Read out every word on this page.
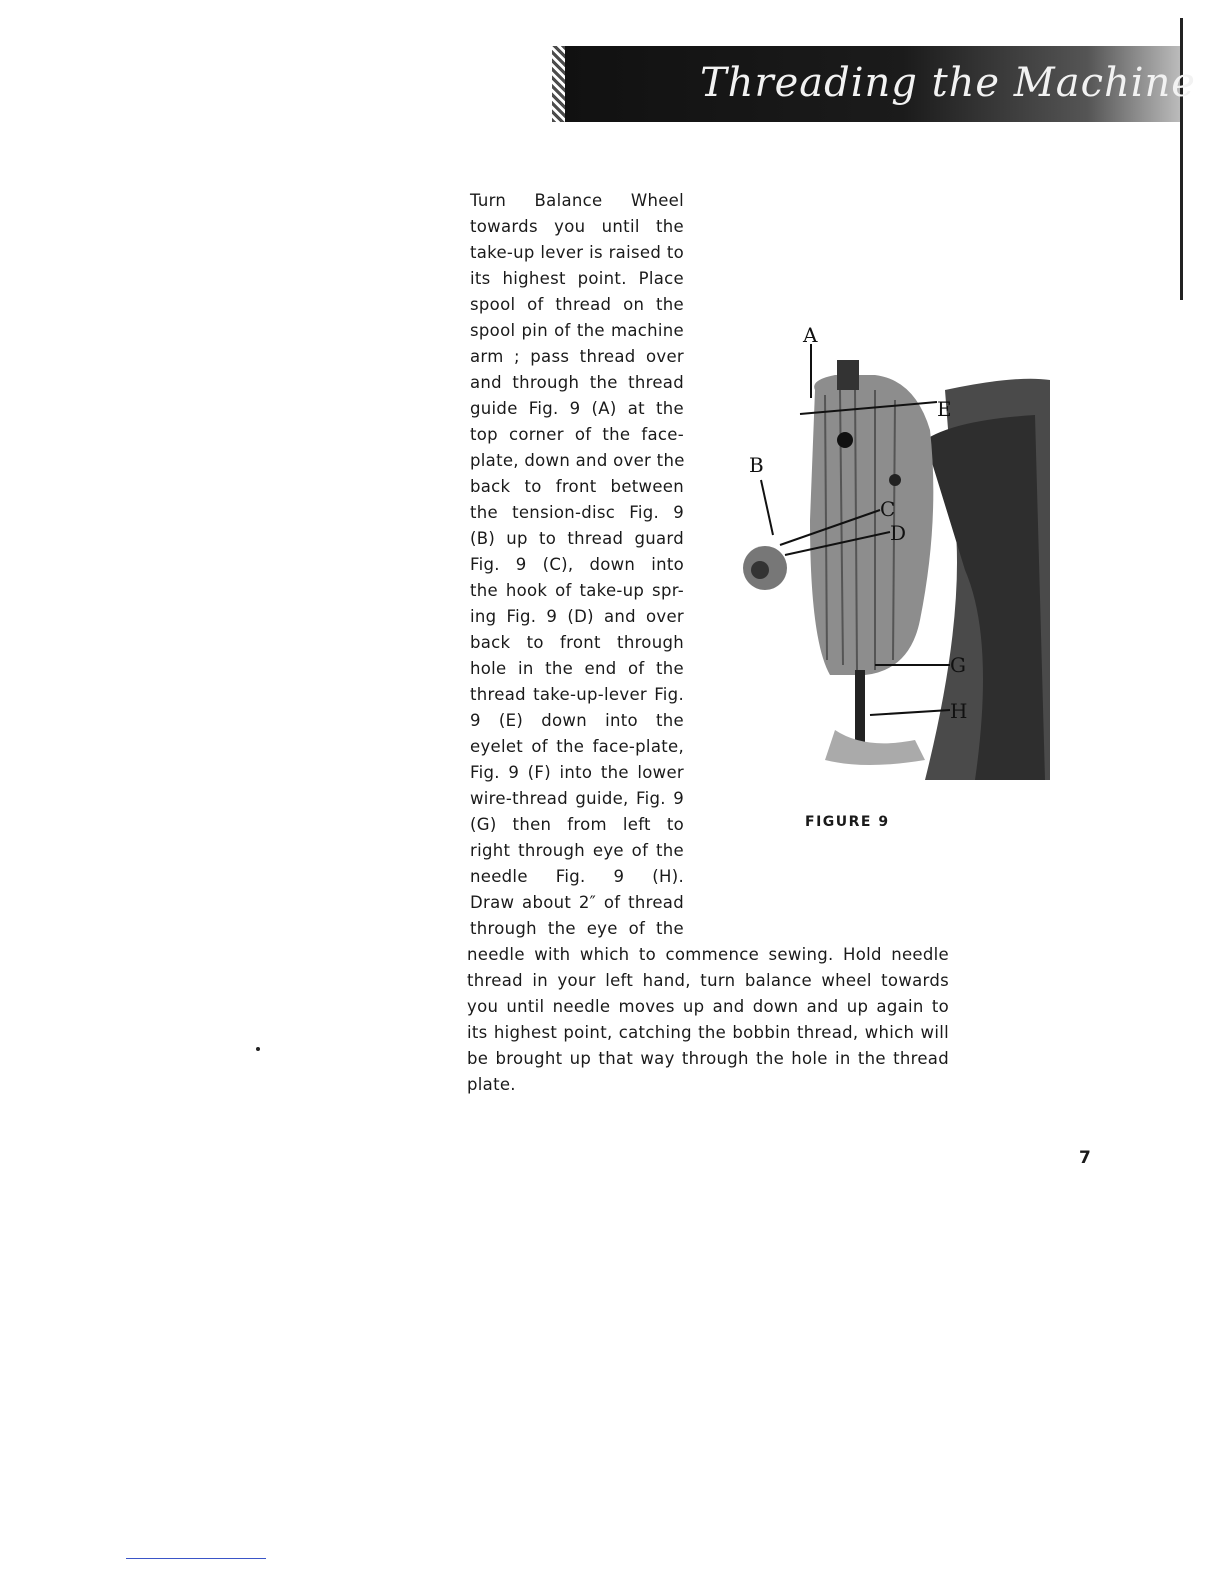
Threading the Machine
Turn Balance Wheel
towards you until the
take-up lever is raised to
its highest point. Place
spool of thread on the
spool pin of the machine
arm ; pass thread over
and through the thread
guide Fig. 9 (A) at the
top corner of the face-
plate, down and over the
back to front between
the tension-disc Fig. 9
(B) up to thread guard
Fig. 9 (C), down into
the hook of take-up spr-
ing Fig. 9 (D) and over
back to front through
hole in the end of the
thread take-up-lever Fig.
9 (E) down into the
eyelet of the face-plate,
Fig. 9 (F) into the lower
wire-thread guide, Fig. 9
(G) then from left to
right through eye of the
needle Fig. 9 (H).
Draw about 2″ of thread
through the eye of the
needle with which to commence sewing. Hold needle
thread in your left hand, turn balance wheel towards
you until needle moves up and down and up again to
its highest point, catching the bobbin thread, which will
be brought up that way through the hole in the thread
plate.
A
E
B
C
D
G
H
FIGURE 9
7
